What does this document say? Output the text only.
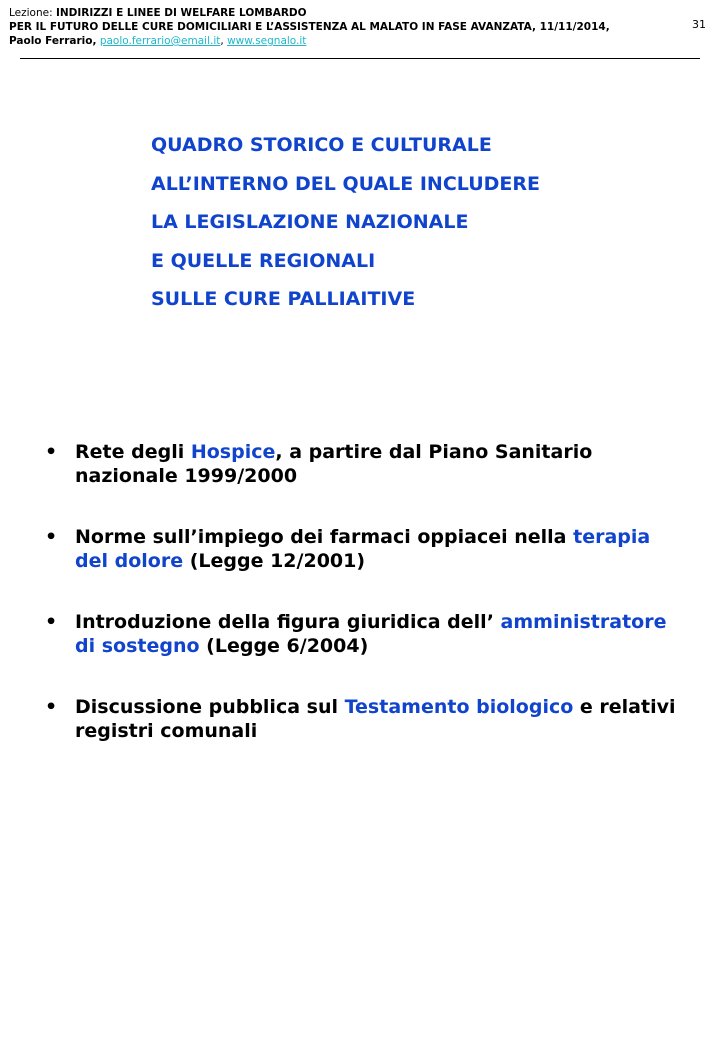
Lezione: INDIRIZZI E LINEE DI WELFARE LOMBARDO
PER IL FUTURO DELLE CURE DOMICILIARI E L’ASSISTENZA AL MALATO IN FASE AVANZATA, 11/11/2014,
Paolo Ferrario, paolo.ferrario@email.it, www.segnalo.it
31
QUADRO STORICO E CULTURALE
ALL’INTERNO DEL QUALE INCLUDERE
LA LEGISLAZIONE NAZIONALE
E QUELLE REGIONALI
SULLE CURE PALLIAITIVE
• Rete degli Hospice, a partire dal Piano Sanitario nazionale 1999/2000
• Norme sull’impiego dei farmaci oppiacei nella terapia del dolore (Legge 12/2001)
• Introduzione della figura giuridica dell’ amministratore di sostegno (Legge 6/2004)
• Discussione pubblica sul Testamento biologico e relativi registri comunali
